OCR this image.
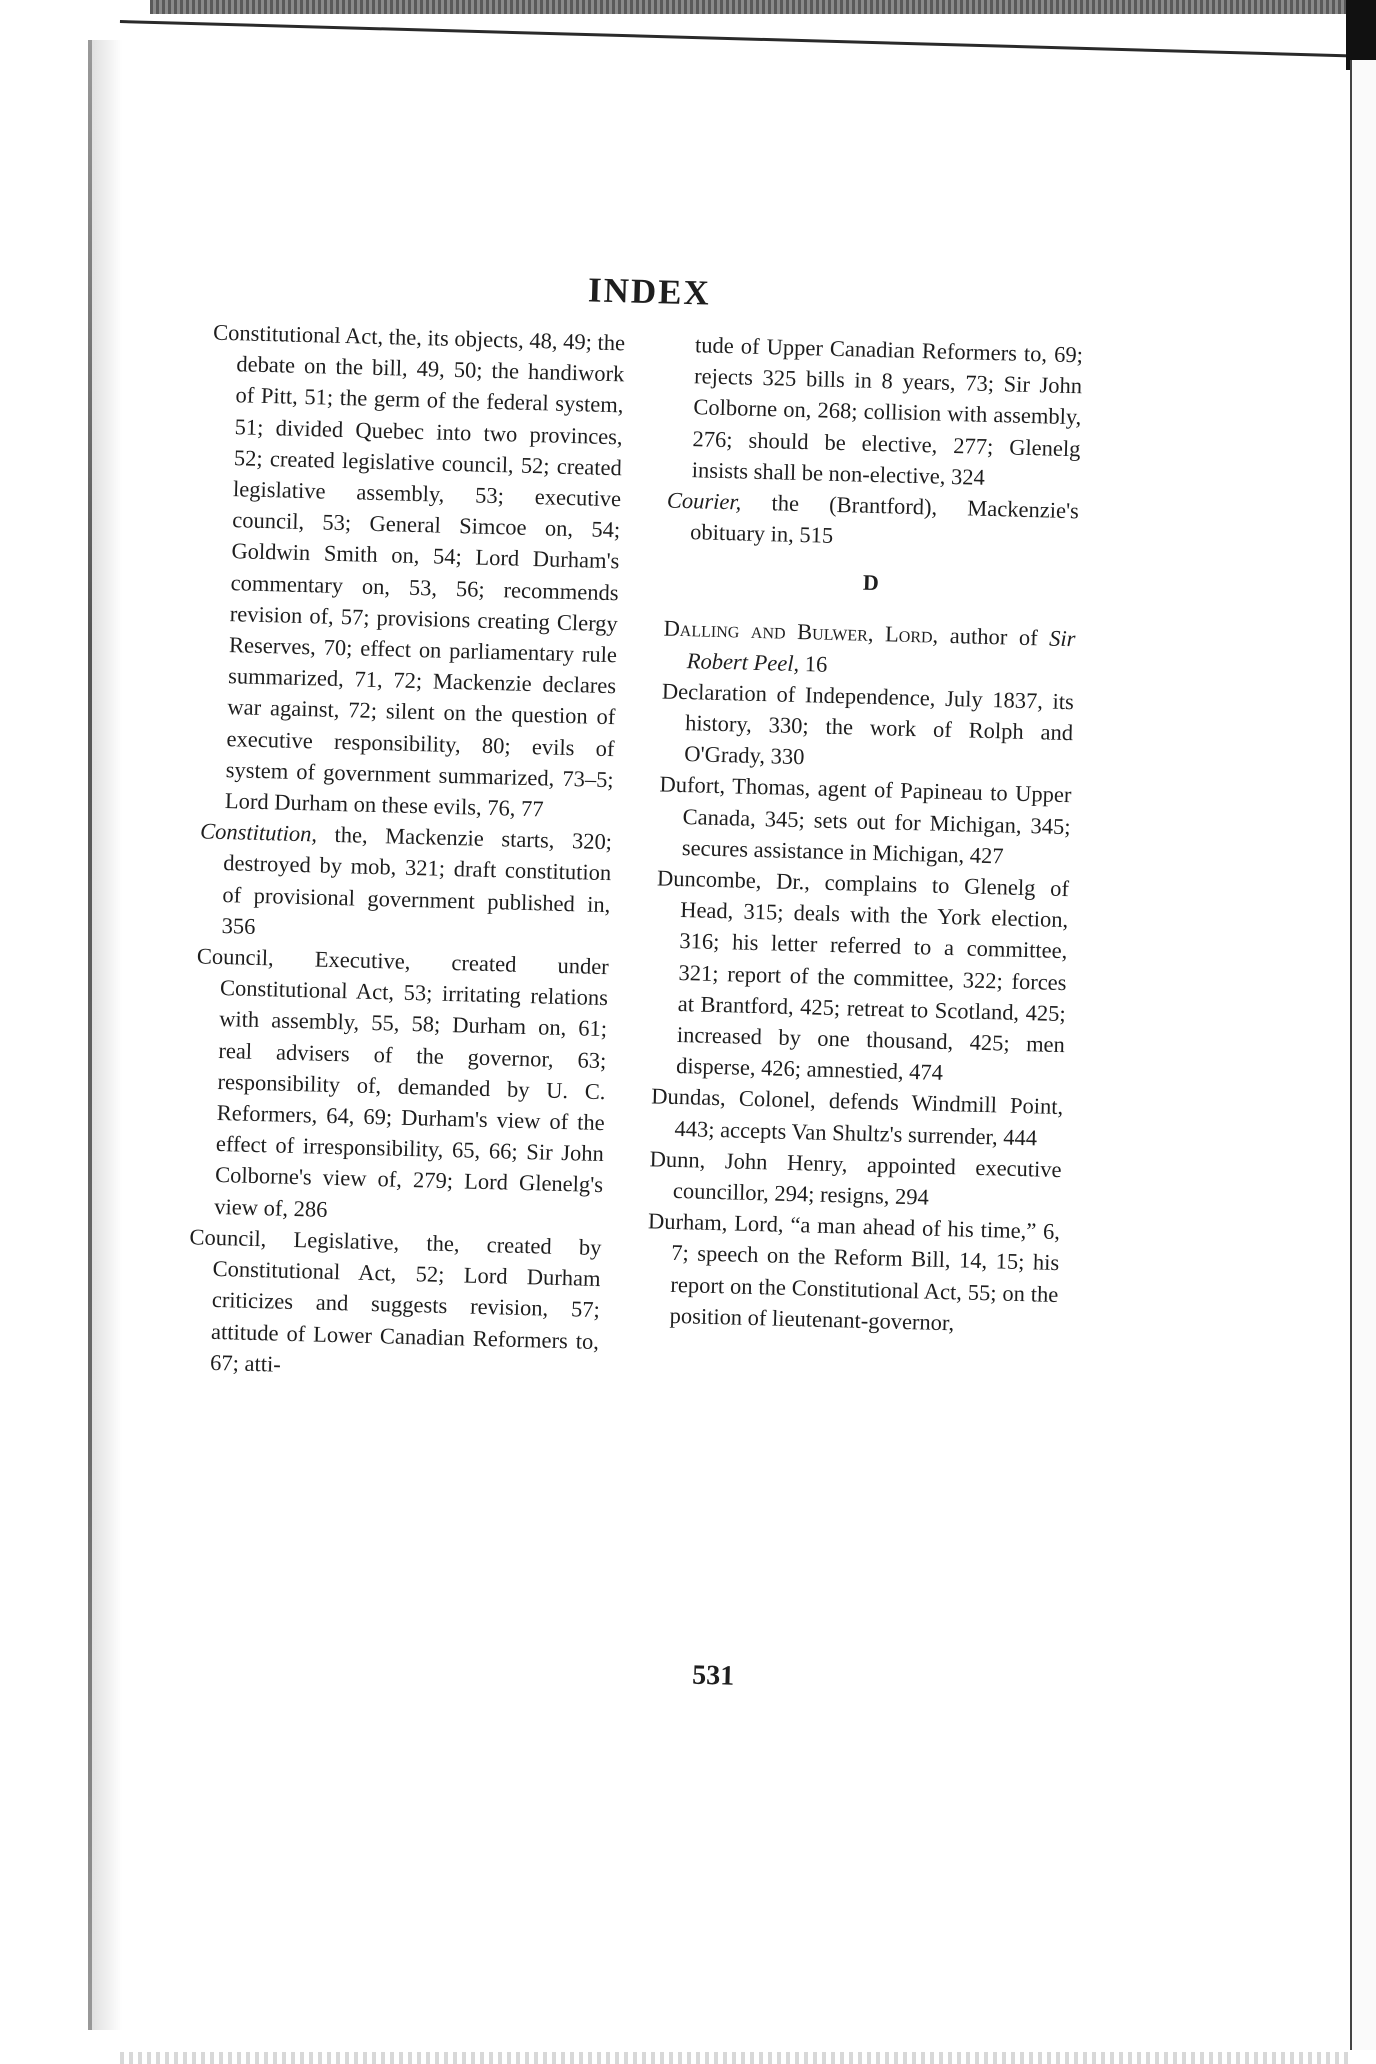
INDEX

Constitutional Act, the, its objects, 48, 49; the debate on the bill, 49, 50; the handiwork of Pitt, 51; the germ of the federal system, 51; divided Quebec into two provinces, 52; created legislative council, 52; created legislative assembly, 53; executive council, 53; General Simcoe on, 54; Goldwin Smith on, 54; Lord Durham's commentary on, 53, 56; recommends revision of, 57; provisions creating Clergy Reserves, 70; effect on parliamentary rule summarized, 71, 72; Mackenzie declares war against, 72; silent on the question of executive responsibility, 80; evils of system of government summarized, 73–5; Lord Durham on these evils, 76, 77

Constitution, the, Mackenzie starts, 320; destroyed by mob, 321; draft constitution of provisional government published in, 356

Council, Executive, created under Constitutional Act, 53; irritating relations with assembly, 55, 58; Durham on, 61; real advisers of the governor, 63; responsibility of, demanded by U. C. Reformers, 64, 69; Durham's view of the effect of irresponsibility, 65, 66; Sir John Colborne's view of, 279; Lord Glenelg's view of, 286

Council, Legislative, the, created by Constitutional Act, 52; Lord Durham criticizes and suggests revision, 57; attitude of Lower Canadian Reformers to, 67; atti-

tude of Upper Canadian Reformers to, 69; rejects 325 bills in 8 years, 73; Sir John Colborne on, 268; collision with assembly, 276; should be elective, 277; Glenelg insists shall be non-elective, 324

Courier, the (Brantford), Mackenzie's obituary in, 515

D

Dalling and Bulwer, Lord, author of Sir Robert Peel, 16

Declaration of Independence, July 1837, its history, 330; the work of Rolph and O'Grady, 330

Dufort, Thomas, agent of Papineau to Upper Canada, 345; sets out for Michigan, 345; secures assistance in Michigan, 427

Duncombe, Dr., complains to Glenelg of Head, 315; deals with the York election, 316; his letter referred to a committee, 321; report of the committee, 322; forces at Brantford, 425; retreat to Scotland, 425; increased by one thousand, 425; men disperse, 426; amnestied, 474

Dundas, Colonel, defends Windmill Point, 443; accepts Van Shultz's surrender, 444

Dunn, John Henry, appointed executive councillor, 294; resigns, 294

Durham, Lord, “a man ahead of his time,” 6, 7; speech on the Reform Bill, 14, 15; his report on the Constitutional Act, 55; on the position of lieutenant-governor,

531
